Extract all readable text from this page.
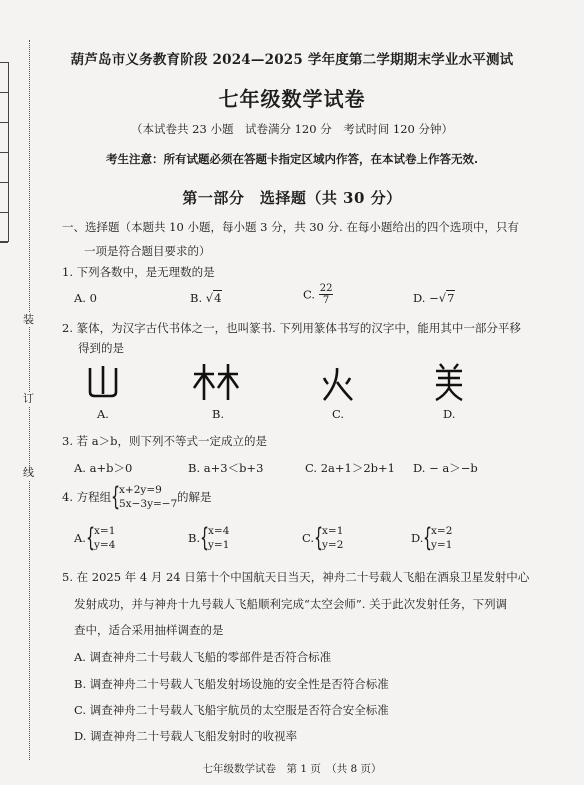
装
订
线
葫芦岛市义务教育阶段 2024—2025 学年度第二学期期末学业水平测试
七年级数学试卷
（本试卷共 23 小题　试卷满分 120 分　考试时间 120 分钟）
考生注意：所有试题必须在答题卡指定区域内作答，在本试卷上作答无效.
第一部分　选择题（共 30 分）
一、选择题（本题共 10 小题，每小题 3 分，共 30 分. 在每小题给出的四个选项中，只有
一项是符合题目要求的）
1. 下列各数中，是无理数的是
A. 0	B. √4	C. $\frac{22}{7}$	D. −√7
2. 篆体，为汉字古代书体之一，也叫篆书. 下列用篆体书写的汉字中，能用其中一部分平移
得到的是
A.	B.	C.	D.
3. 若 a＞b，则下列不等式一定成立的是
A. a+b＞0	B. a+3＜b+3	C. 2a+1＞2b+1 D. − a＞−b
4. 方程组 {
x+2y=9
5x−3y=−7 的解是
A. {
x=1
y=4	B. {
x=4
y=1	C. {
x=1
y=2	D. {
x=2
y=1
5. 在 2025 年 4 月 24 日第十个中国航天日当天，神舟二十号载人飞船在酒泉卫星发射中心
发射成功，并与神舟十九号载人飞船顺利完成“太空会师”. 关于此次发射任务，下列调
查中，适合采用抽样调查的是
A. 调查神舟二十号载人飞船的零部件是否符合标准
B. 调查神舟二十号载人飞船发射场设施的安全性是否符合标准
C. 调查神舟二十号载人飞船宇航员的太空服是否符合安全标准
D. 调查神舟二十号载人飞船发射时的收视率
七年级数学试卷　第 1 页　（共 8 页）
